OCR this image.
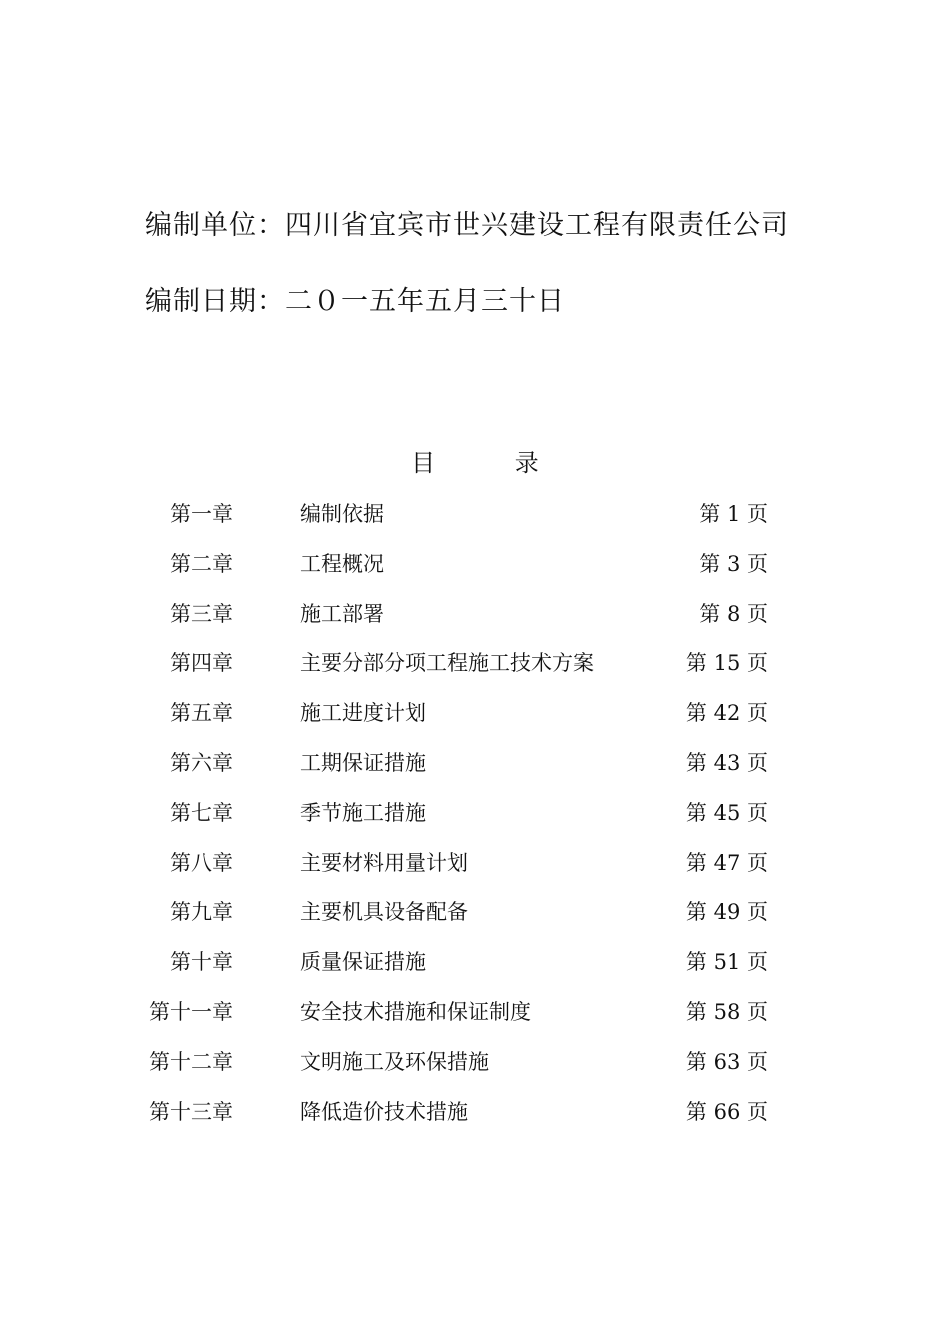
编制单位：四川省宜宾市世兴建设工程有限责任公司
编制日期：二０一五年五月三十日
目 录
第一章	编制依据	第 1 页
第二章	工程概况	第 3 页
第三章	施工部署	第 8 页
第四章	主要分部分项工程施工技术方案	第 15 页
第五章	施工进度计划	第 42 页
第六章	工期保证措施	第 43 页
第七章	季节施工措施	第 45 页
第八章	主要材料用量计划	第 47 页
第九章	主要机具设备配备	第 49 页
第十章	质量保证措施	第 51 页
第十一章	安全技术措施和保证制度	第 58 页
第十二章	文明施工及环保措施	第 63 页
第十三章	降低造价技术措施	第 66 页
